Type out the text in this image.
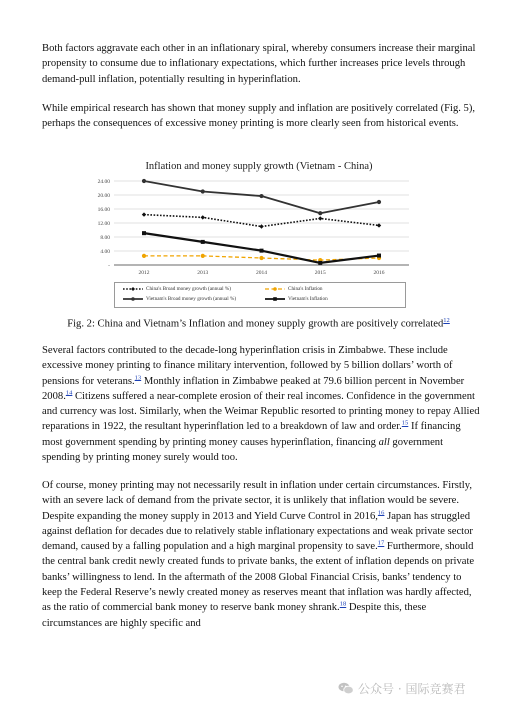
Both factors aggravate each other in an inflationary spiral, whereby consumers increase their marginal propensity to consume due to inflationary expectations, which further increases price levels through demand-pull inflation, potentially resulting in hyperinflation.

While empirical research has shown that money supply and inflation are positively correlated (Fig. 5), perhaps the consequences of excessive money printing is more clearly seen from historical events.

Inflation and money supply growth (Vietnam - China)
24.00
20.00
16.00
12.00
8.00
4.00
-
2012	2013	2014	2015	2016
China's Broad money growth (annual %)	China's Inflation
Vietnam's Broad money growth (annual %)	Vietnam's Inflation

Fig. 2: China and Vietnam’s Inflation and money supply growth are positively correlated$^{12}$

Several factors contributed to the decade-long hyperinflation crisis in Zimbabwe. These include excessive money printing to finance military intervention, followed by 5 billion dollars’ worth of pensions for veterans.$^{13}$ Monthly inflation in Zimbabwe peaked at 79.6 billion percent in November 2008.14 Citizens suffered a near-complete erosion of their real incomes. Confidence in the government and currency was lost. Similarly, when the Weimar Republic resorted to printing money to repay Allied reparations in 1922, the resultant hyperinflation led to a breakdown of law and order.$^{15}$ If financing most government spending by printing money causes hyperinflation, financing all government spending by printing money surely would too.

Of course, money printing may not necessarily result in inflation under certain circumstances. Firstly, with an severe lack of demand from the private sector, it is unlikely that inflation would be severe. Despite expanding the money supply in 2013 and Yield Curve Control in 2016,16 Japan has struggled against deflation for decades due to relatively stable inflationary expectations and weak private sector demand, caused by a falling population and a high marginal propensity to save.$^{17}$ Furthermore, should the central bank credit newly created funds to private banks, the extent of inflation depends on private banks’ willingness to lend. In the aftermath of the 2008 Global Financial Crisis, banks’ tendency to keep the Federal Reserve’s newly created money as reserves meant that inflation was hardly affected, as the ratio of commercial bank money to reserve bank money shrank.$^{18}$ Despite this, these circumstances are highly specific and

公众号 · 国际竞赛君
